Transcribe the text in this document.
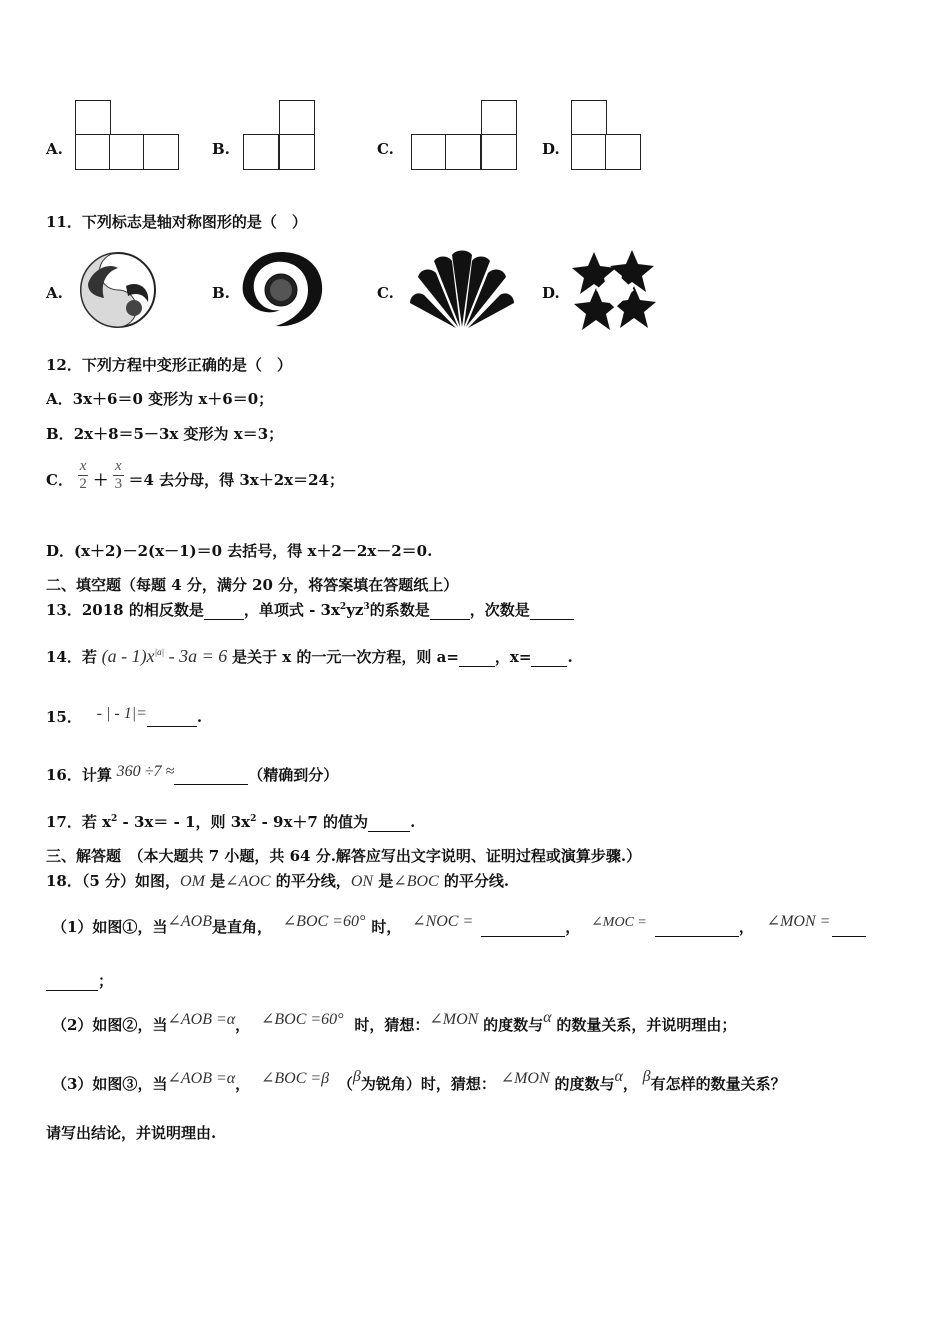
A.	B.	C.	D.
11．下列标志是轴对称图形的是（　）
A.	B.	C.	D.
12．下列方程中变形正确的是（　）
A．3x＋6＝0 变形为 x＋6＝0；
B．2x＋8＝5－3x 变形为 x＝3；
C． $\frac{x}{2} + \frac{x}{3} =4$ 去分母，得 3x＋2x＝24；
D．(x＋2)－2(x－1)＝0 去括号，得 x＋2－2x－2＝0.
二、填空题（每题 4 分，满分 20 分，将答案填在答题纸上）
13．2018 的相反数是	，单项式 - $3x^2yz^3$的系数是	，次数是
14．若 $(a - 1)x^{|a|} - 3a = 6$ 是关于 x 的一元一次方程，则 a= ，x= .
15． - | - 1|=	.
16．计算 360 ÷7 ≈	（精确到分）
17．若 $x^2 - 3x= - 1$，则 $3x^2 - 9x+7$ 的值为	.
三、解答题　（本大题共 7 小题，共 64 分.解答应写出文字说明、证明过程或演算步骤.）
18．（5 分）如图，OM 是∠AOC 的平分线，ON 是∠BOC 的平分线.
（1）如图①，当∠AOB是直角， ∠BOC =60° 时， ∠NOC =	， ∠MOC =	， ∠MON =
；
（2）如图②，当∠AOB =α， ∠BOC =60° 时，猜想：∠MON 的度数与α 的数量关系，并说明理由；
（3）如图③，当∠AOB =α， ∠BOC =β （β为锐角）时，猜想： ∠MON 的度数与α， β有怎样的数量关系？
请写出结论，并说明理由.
